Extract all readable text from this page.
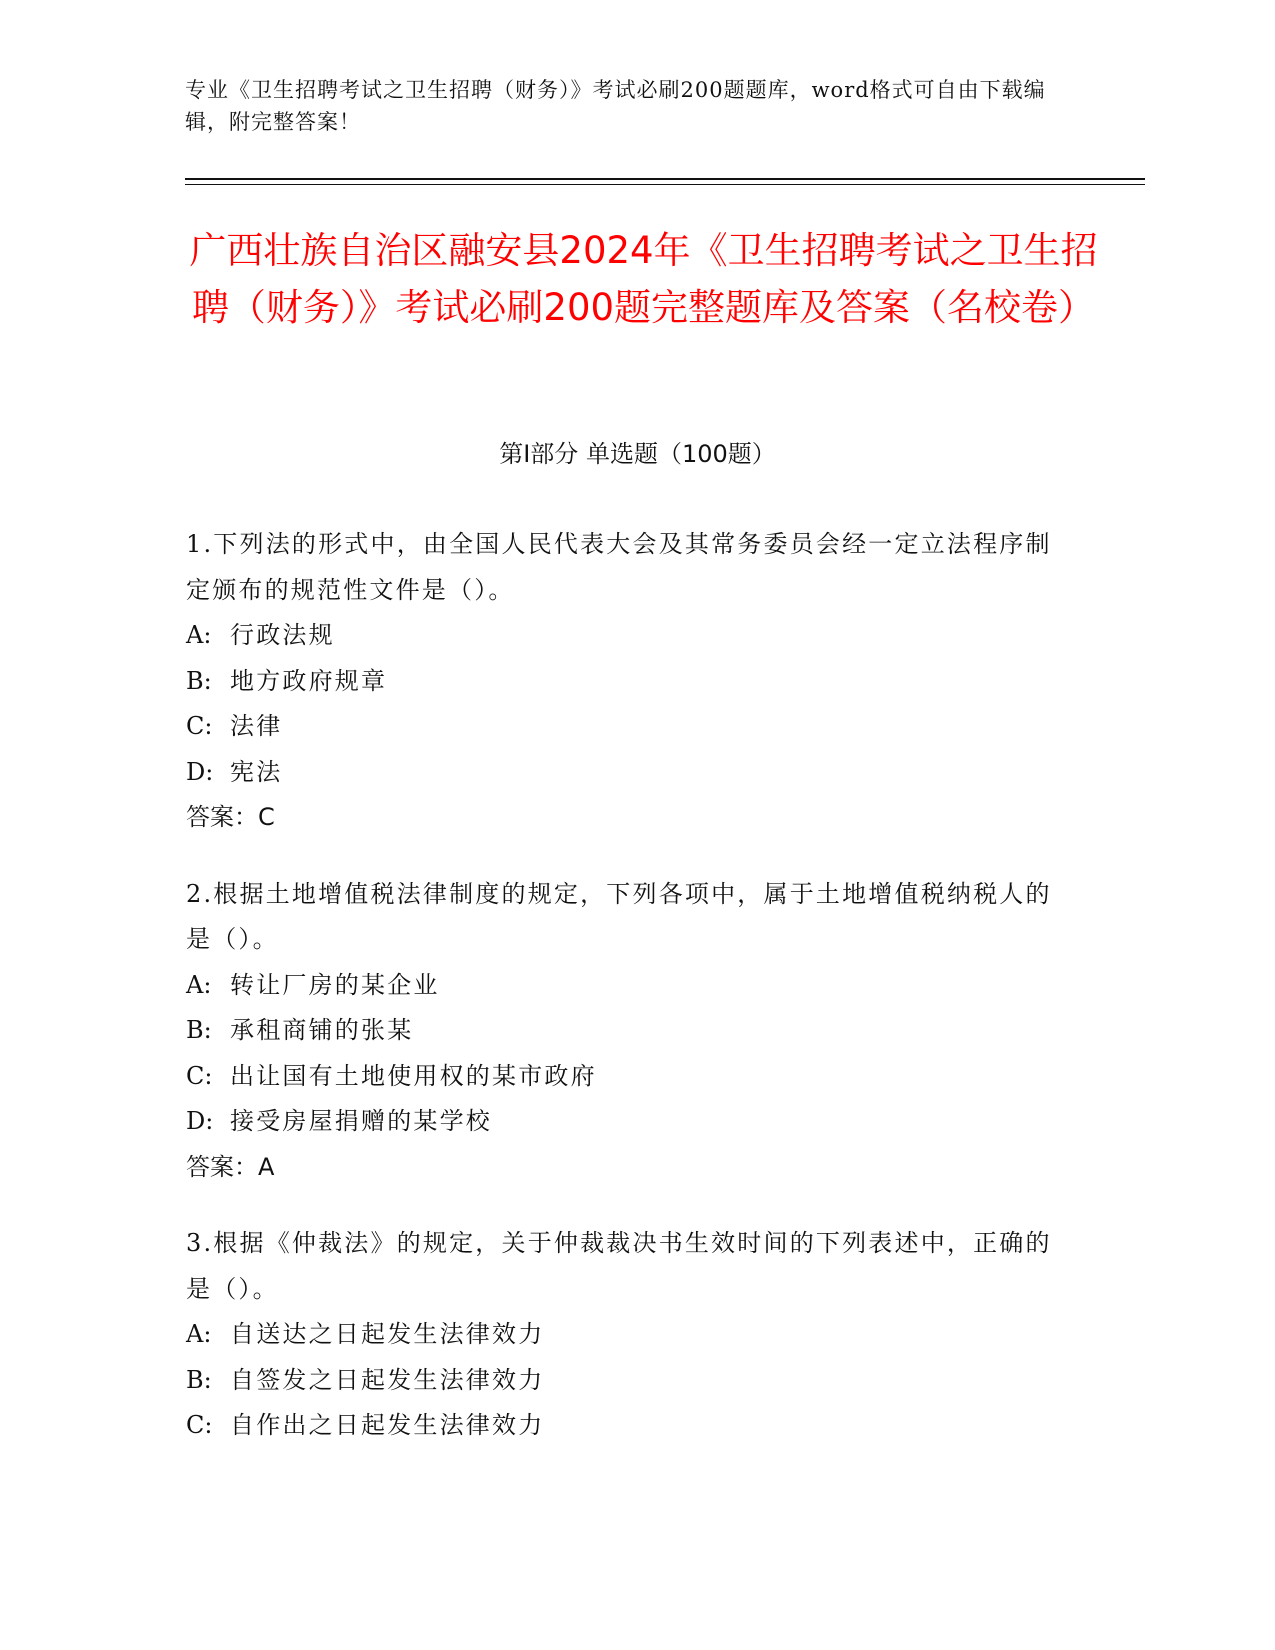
专业《卫生招聘考试之卫生招聘（财务）》考试必刷200题题库，word格式可自由下载编辑，附完整答案！

广西壮族自治区融安县2024年《卫生招聘考试之卫生招聘（财务）》考试必刷200题完整题库及答案（名校卷）
第Ⅰ部分 单选题（100题）

1.下列法的形式中，由全国人民代表大会及其常务委员会经一定立法程序制定颁布的规范性文件是（）。

A: 行政法规

B: 地方政府规章

C: 法律

D: 宪法

答案：C

2.根据土地增值税法律制度的规定，下列各项中，属于土地增值税纳税人的是（）。

A: 转让厂房的某企业

B: 承租商铺的张某

C: 出让国有土地使用权的某市政府

D: 接受房屋捐赠的某学校

答案：A

3.根据《仲裁法》的规定，关于仲裁裁决书生效时间的下列表述中，正确的是（）。

A: 自送达之日起发生法律效力

B: 自签发之日起发生法律效力

C: 自作出之日起发生法律效力
